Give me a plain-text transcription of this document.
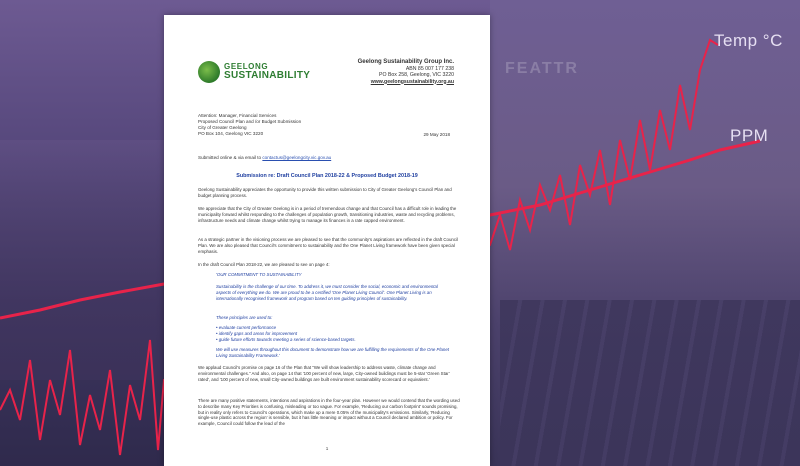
FEATTR
Temp °C
PPM
GEELONG
SUSTAINABILITY
Geelong Sustainability Group Inc.
ABN 85 007 177 238
PO Box 258, Geelong, VIC 3220
www.geelongsustainability.org.au
Attention: Manager, Financial Services
Proposed Council Plan and /or Budget Submission
City of Greater Geelong
PO Box 104, Geelong VIC 3220	29 May 2018
Submitted online & via email to contactus@geelongcity.vic.gov.au
Submission re: Draft Council Plan 2018-22 & Proposed Budget 2018-19
Geelong Sustainability appreciates the opportunity to provide this written submission to City of Greater Geelong's Council Plan and budget planning process.
We appreciate that the City of Greater Geelong is in a period of tremendous change and that Council has a difficult role in leading the municipality forward whilst responding to the challenges of population growth, transitioning industries, waste and recycling problems, infrastructure needs and climate change whilst trying to manage its finances in a rate capped environment.
As a strategic partner in the visioning process we are pleased to see that the community's aspirations are reflected in the draft Council Plan. We are also pleased that Council's commitment to sustainability and the One Planet Living framework have been given special emphasis.
In the draft Council Plan 2018-22, we are pleased to see on page 4:
'OUR COMMITMENT TO SUSTAINABILITY
Sustainability is the challenge of our time. To address it, we must consider the social, economic and environmental aspects of everything we do. We are proud to be a certified 'One Planet Living Council'. One Planet Living is an internationally recognised framework and program based on ten guiding principles of sustainability.
These principles are used to:
• evaluate current performance
• identify gaps and areas for improvement
• guide future efforts towards meeting a series of science-based targets.
We will use measures throughout this document to demonstrate how we are fulfilling the requirements of the One Planet Living Sustainability Framework.'
We applaud Council's promise on page 16 of the Plan that "We will show leadership to address waste, climate change and environmental challenges." And also, on page 14 that '100 percent of new, large, City-owned buildings must be 5-star 'Green Star' rated', and '100 percent of new, small City-owned buildings are built environment sustainability scorecard or equivalent.'
There are many positive statements, intentions and aspirations in the four-year plan. However we would contend that the wording used to describe many Key Priorities is confusing, misleading or too vague. For example, 'Reducing our carbon footprint' sounds promising, but in reality only refers to Council's operations, which make up a mere 0.05% of the municipality's emissions. Similarly, 'Reducing single-use plastic across the region' is sensible, but it has little meaning or impact without a Council declared ambition or policy. For example, Council could follow the lead of the
1
